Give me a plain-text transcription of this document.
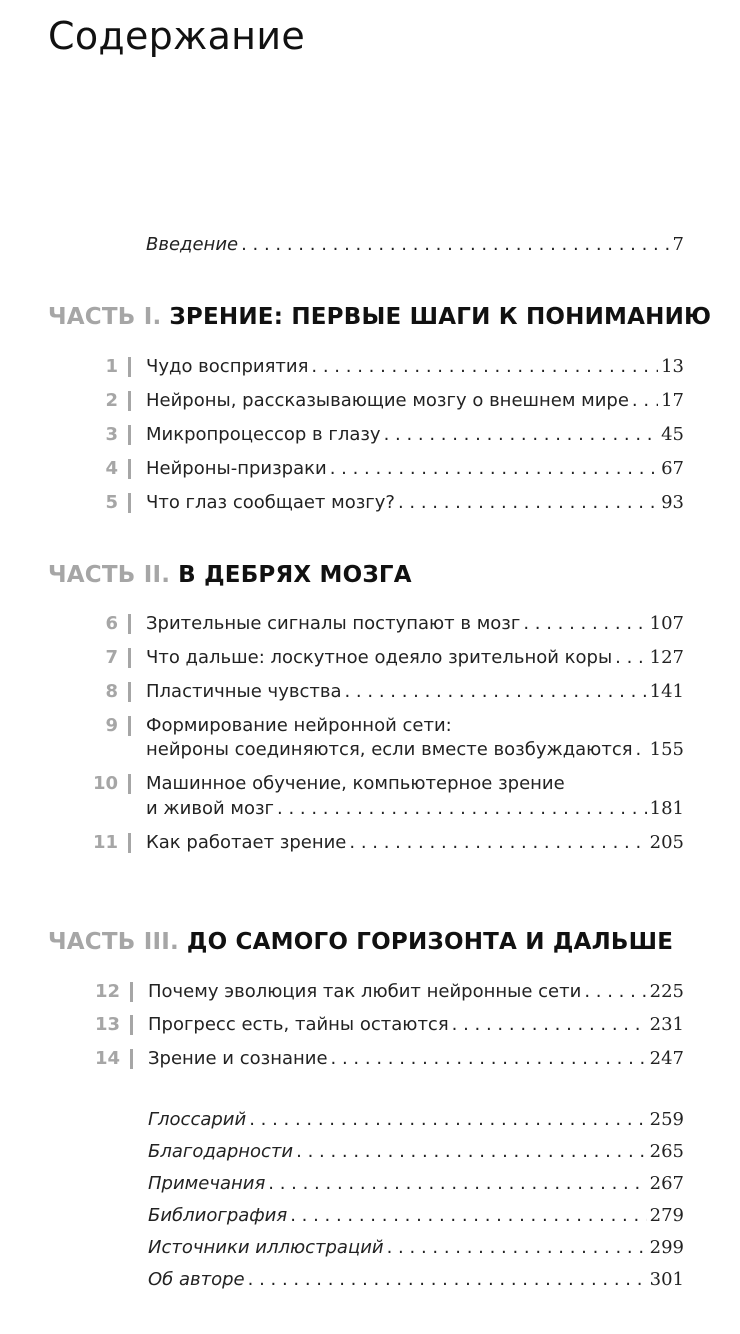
Содержание
Введение . . .	7
ЧАСТЬ I. ЗРЕНИЕ: ПЕРВЫЕ ШАГИ К ПОНИМАНИЮ
1 Чудо восприятия . . .	13
2 Нейроны, рассказывающие мозгу о внешнем мире . . . 17
3 Микропроцессор в глазу . . .	45
4 Нейроны-призраки . . .	67
5 Что глаз сообщает мозгу? . . .	93
ЧАСТЬ II. В ДЕБРЯХ МОЗГА
6 Зрительные сигналы поступают в мозг . . .	107
7 Что дальше: лоскутное одеяло зрительной коры . . . 127
8 Пластичные чувства . . .	141
9 Формирование нейронной сети:
нейроны соединяются, если вместе возбуждаются . . . 155
10 Машинное обучение, компьютерное зрение
и живой мозг . . .	181
11 Как работает зрение . . .	205
ЧАСТЬ III. ДО САМОГО ГОРИЗОНТА И ДАЛЬШЕ
12 Почему эволюция так любит нейронные сети . . .	225
13 Прогресс есть, тайны остаются . . .	231
14 Зрение и сознание . . .	247
Глоссарий . . .	259
Благодарности . . .	265
Примечания . . .	267
Библиография . . .	279
Источники иллюстраций . . .	299
Об авторе . . .	301
